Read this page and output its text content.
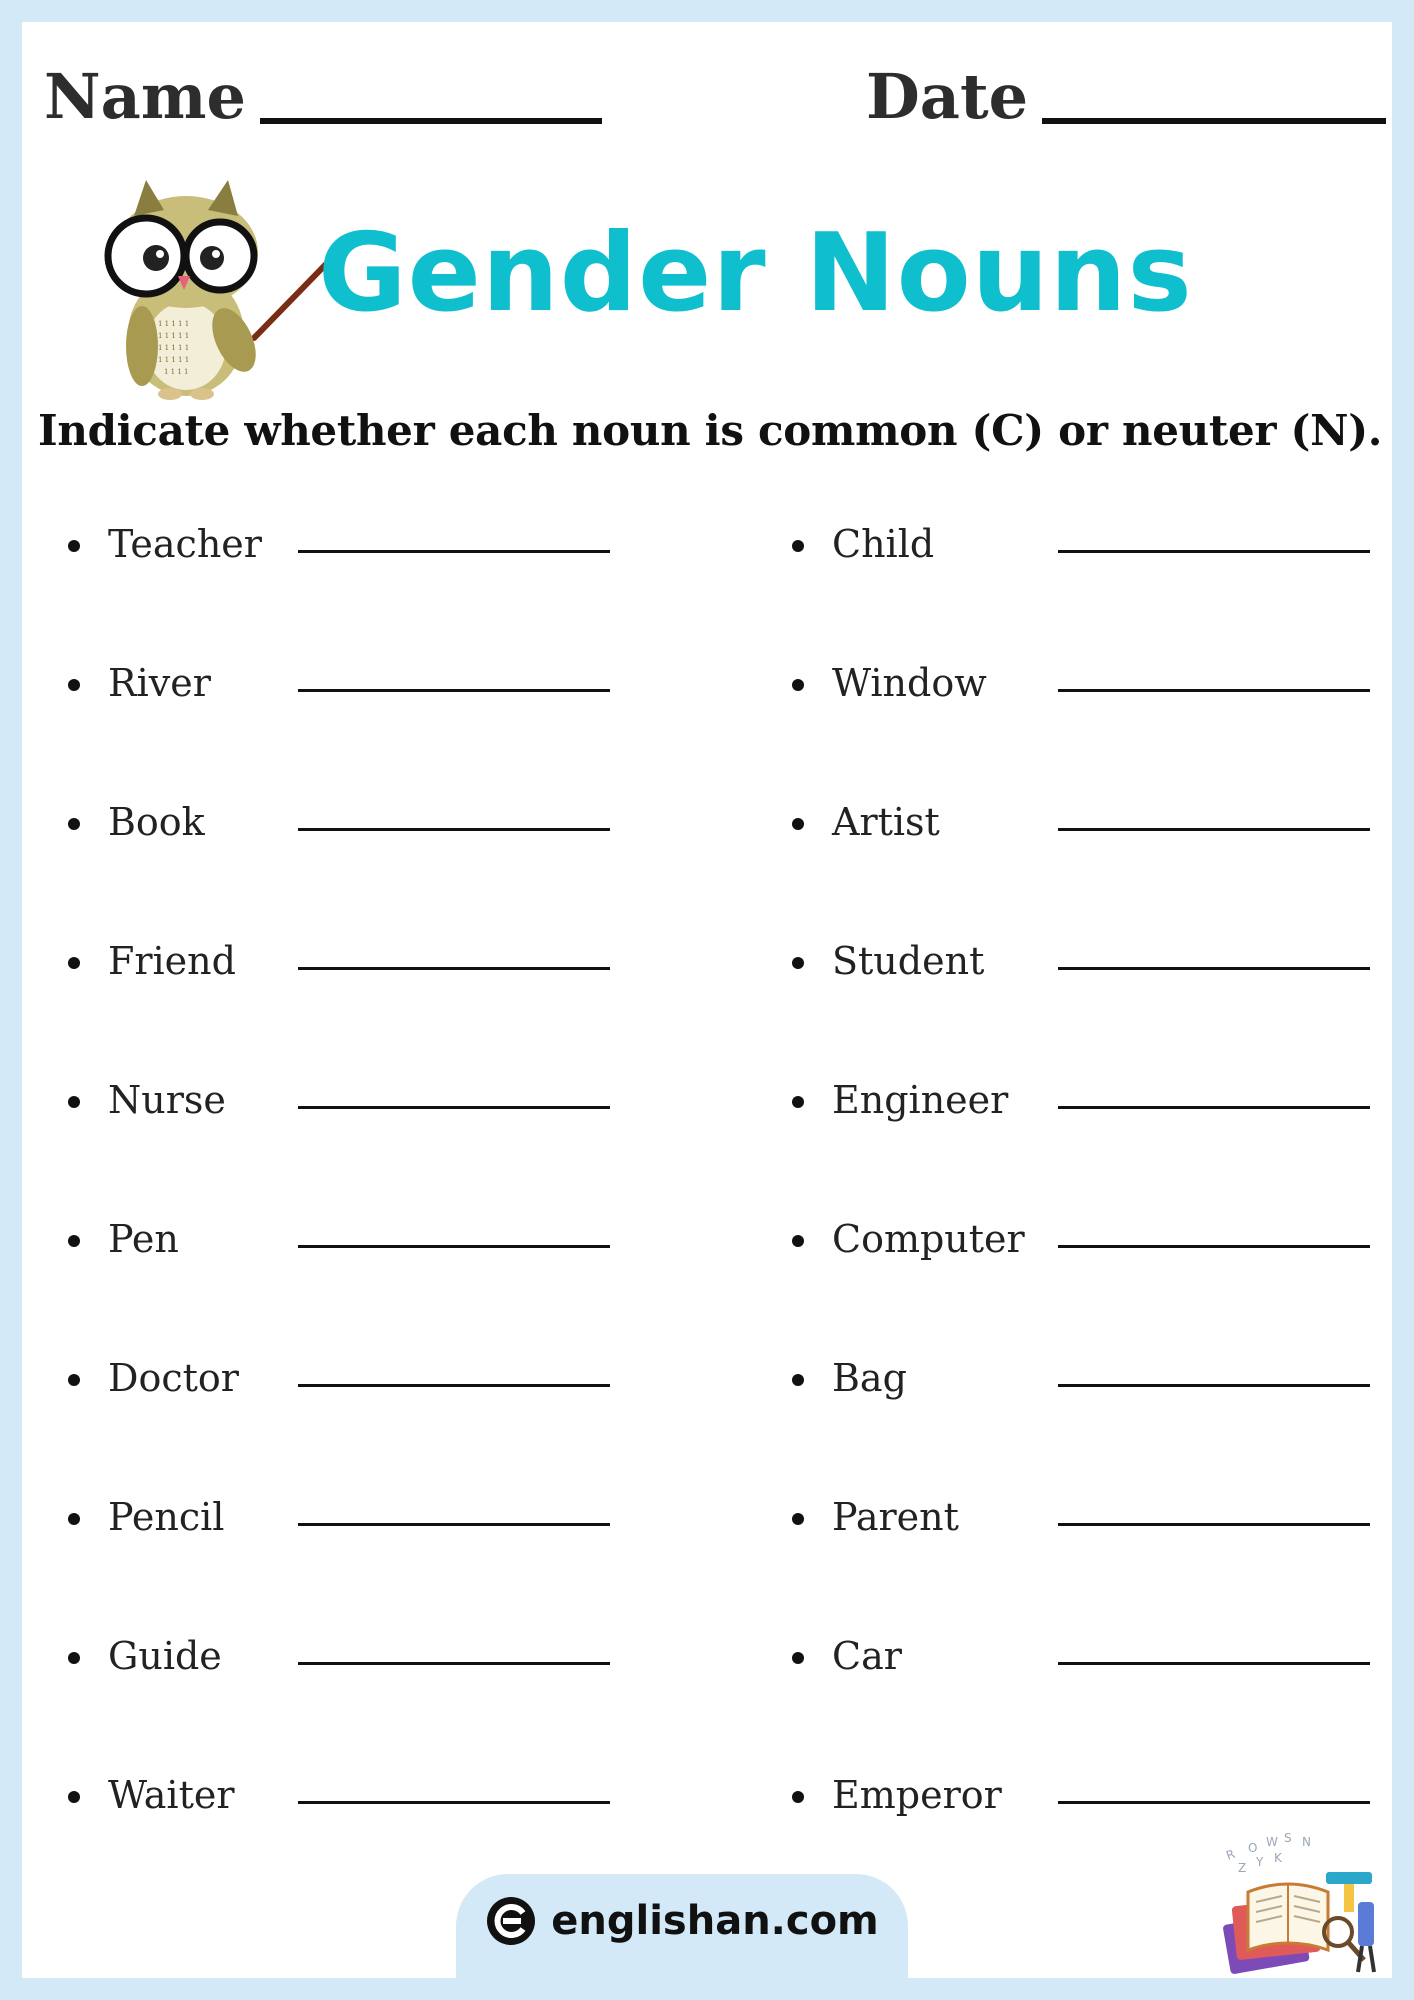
Name	Date
1 1 1 1 1
1 1 1 1 1
1 1 1 1 1
1 1 1 1 1
1 1 1 1
Gender Nouns
Indicate whether each noun is common (C) or neuter (N).
Teacher
River
Book
Friend
Nurse
Pen
Doctor
Pencil
Guide
Waiter
Child
Window
Artist
Student
Engineer
Computer
Bag
Parent
Car
Emperor
R O W S N
Z Y K
englishan.com
